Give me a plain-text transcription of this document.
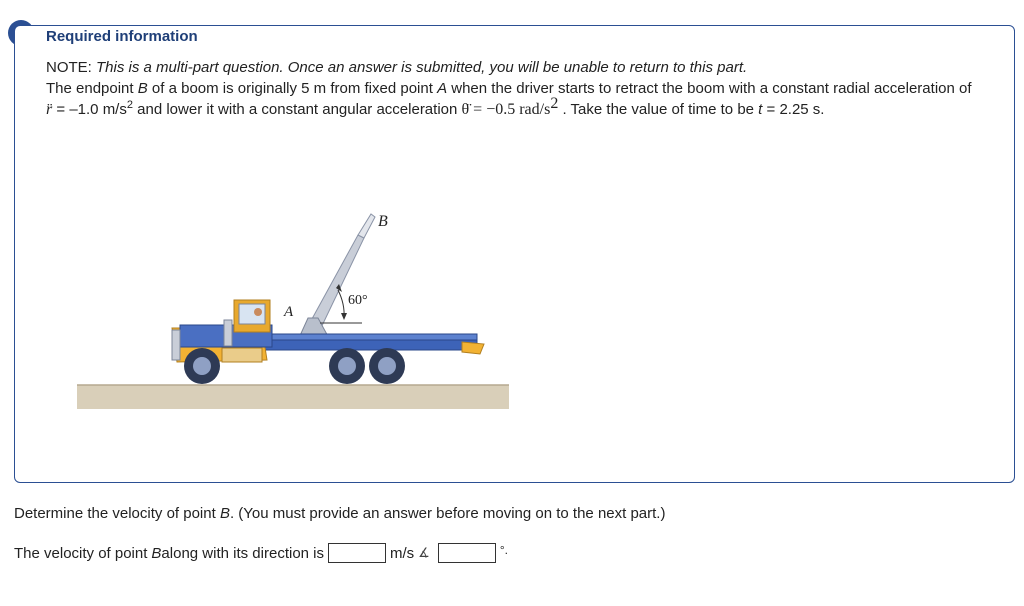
Required information
NOTE: This is a multi-part question. Once an answer is submitted, you will be unable to return to this part.
The endpoint B of a boom is originally 5 m from fixed point A when the driver starts to retract the boom with a constant radial acceleration of r̈ = –1.0 $m/s^2$ and lower it with a constant angular acceleration θ̈ = −0.5 rad/$s^2$ . Take the value of time to be t = 2.25 s.
B
A
60°
Determine the velocity of point B. (You must provide an answer before moving on to the next part.)
The velocity of point B along with its direction is	m/s ∡	°.
